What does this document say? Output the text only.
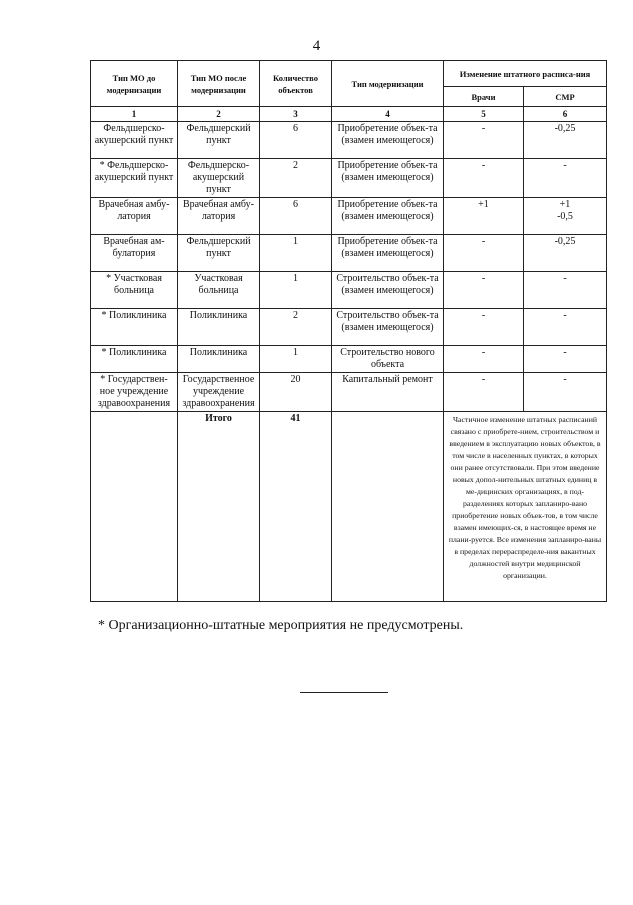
4
Тип МО до модернизации	Тип МО после модернизации	Количество объектов	Тип модернизации	Изменение штатного расписа-ния	
				Врачи	СМР
1	2	3	4	5	6
Фельдшерско-акушерский пункт	Фельдшерский пункт	6	Приобретение объек-та (взамен имеющегося)	-	-0,25
* Фельдшерско-акушерский пункт	Фельдшерско-акушерский пункт	2	Приобретение объек-та (взамен имеющегося)	-	-
Врачебная амбу-латория	Врачебная амбу-латория	6	Приобретение объек-та (взамен имеющегося)	+1	+1
-0,5
Врачебная ам-булатория	Фельдшерский пункт	1	Приобретение объек-та (взамен имеющегося)	-	-0,25
* Участковая больница	Участковая больница	1	Строительство объек-та (взамен имеющегося)	-	-
* Поликлиника	Поликлиника	2	Строительство объек-та (взамен имеющегося)	-	-
* Поликлиника	Поликлиника	1	Строительство нового объекта	-	-
* Государствен-ное учреждение здравоохранения	Государственное учреждение здравоохранения	20	Капитальный ремонт	-	-
	Итого	41		Частичное изменение штатных расписаний связано с приобрете-нием, строительством и введением в эксплуатацию новых объектов, в том числе в населенных пунктах, в которых они ранее отсутствовали. При этом введение новых допол-нительных штатных единиц в ме-дицинских организациях, в под-разделениях которых запланиро-вано приобретение новых объек-тов, в том числе взамен имеющих-ся, в настоящее время не плани-руется. Все изменения запланиро-ваны в пределах перераспределе-ния вакантных должностей внутри медицинской организации.	
* Организационно-штатные мероприятия не предусмотрены.
